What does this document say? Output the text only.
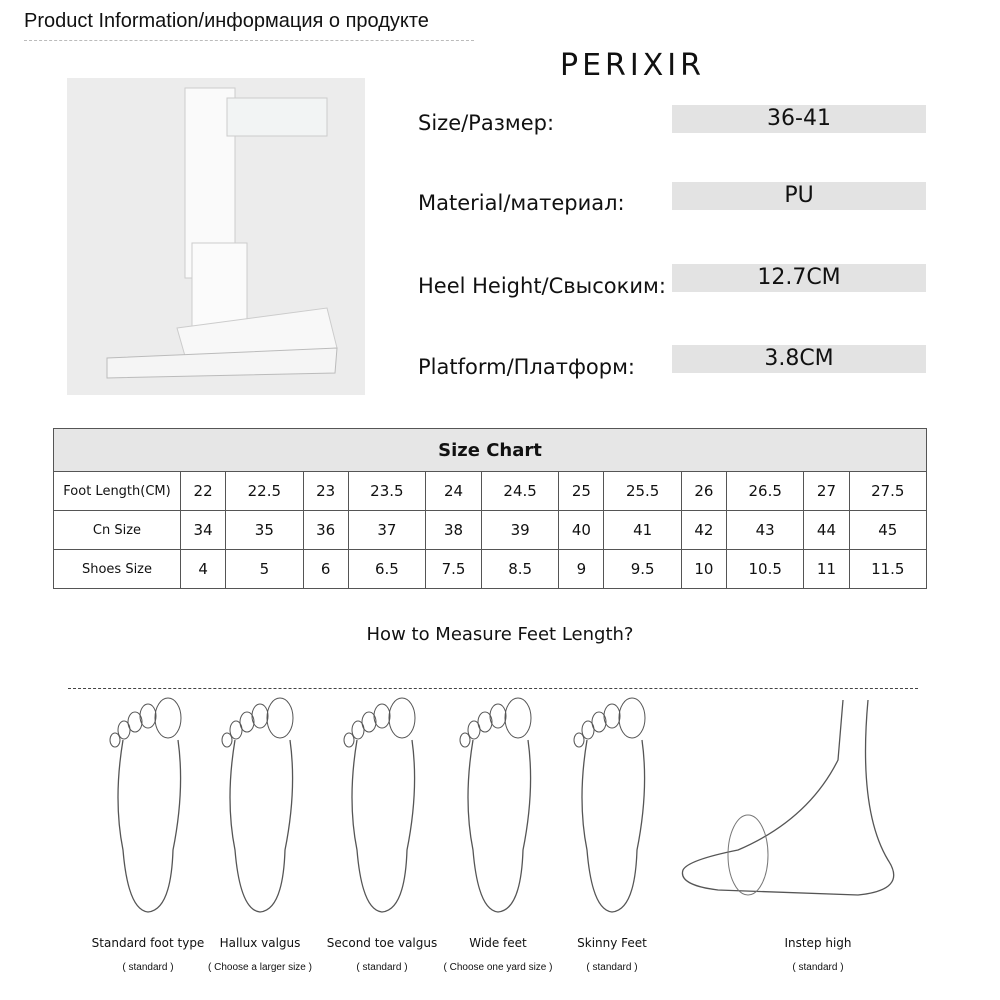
Product Information/информация о продукте
PERIXIR
Size/Размер:	36-41
Material/материал:	PU
Heel Height/Свысоким:	12.7CM
Platform/Платформ:	3.8CM
Size Chart												
Foot Length(CM)	22	22.5	23	23.5	24	24.5	25	25.5	26	26.5	27	27.5
Cn Size	34	35	36	37	38	39	40	41	42	43	44	45
Shoes Size	4	5	6	6.5	7.5	8.5	9	9.5	10	10.5	11	11.5
How to Measure Feet Length?
Standard foot type
( standard )
Hallux valgus
( Choose a larger size )
Second toe valgus
( standard )
Wide feet
( Choose one yard size )
Skinny Feet
( standard )
Instep high
( standard )
